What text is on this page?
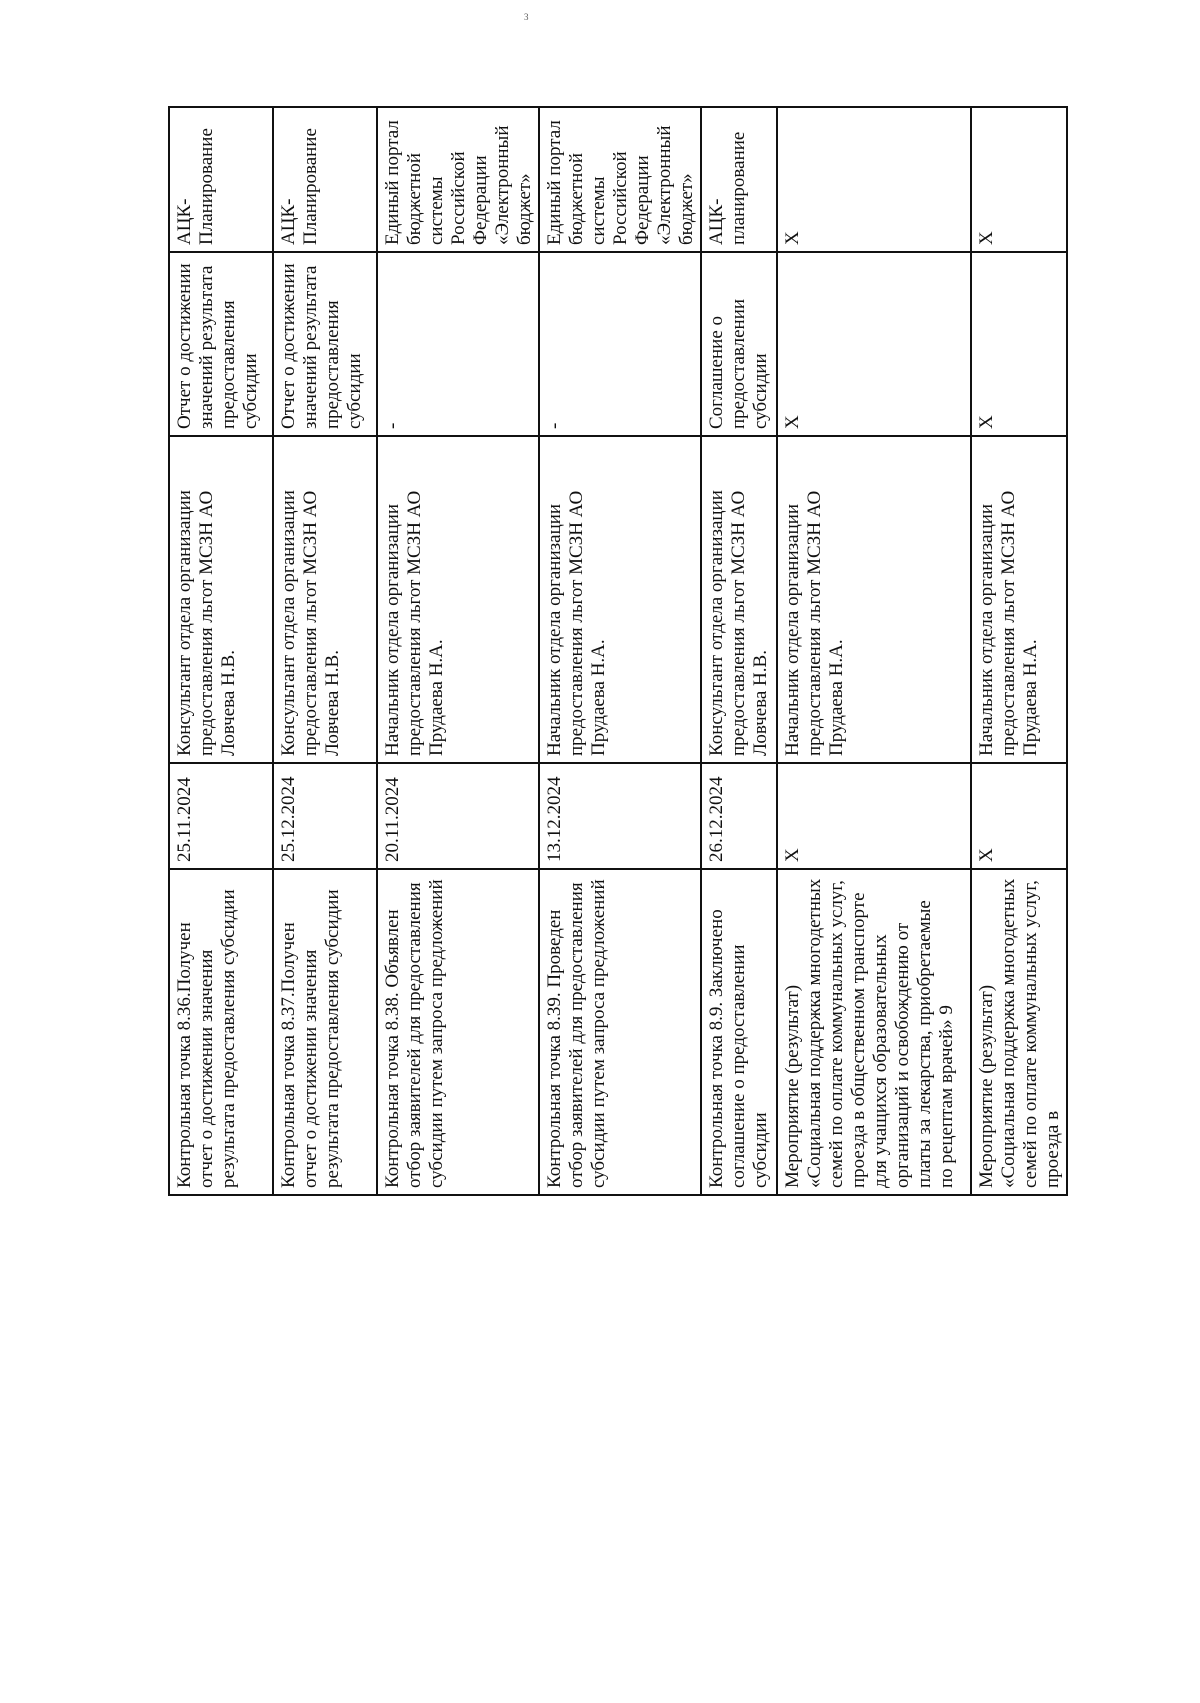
3
Контрольная точка 8.36.Получен отчет о достижении значения результата предоставления субсидии	25.11.2024	Консультант отдела организации предоставления льгот МСЗН АО Ловчева Н.В.	Отчет о достижении значений результата предоставления субсидии	АЦК-Планирование
Контрольная точка 8.37.Получен отчет о достижении значения результата предоставления субсидии	25.12.2024	Консультант отдела организации предоставления льгот МСЗН АО Ловчева Н.В.	Отчет о достижении значений результата предоставления субсидии	АЦК-Планирование
Контрольная точка 8.38. Объявлен отбор заявителей для предоставления субсидии путем запроса предложений	20.11.2024	Начальник отдела организации предоставления льгот МСЗН АО Прудаева Н.А.	-	Единый портал бюджетной системы Российской Федерации «Электронный бюджет»
Контрольная точка 8.39. Проведен отбор заявителей для предоставления субсидии путем запроса предложений	13.12.2024	Начальник отдела организации предоставления льгот МСЗН АО Прудаева Н.А.	-	Единый портал бюджетной системы Российской Федерации «Электронный бюджет»
Контрольная точка 8.9. Заключено соглашение о предоставлении субсидии	26.12.2024	Консультант отдела организации предоставления льгот МСЗН АО Ловчева Н.В.	Соглашение о предоставлении субсидии	АЦК-планирование
Мероприятие (результат) «Социальная поддержка многодетных семей по оплате коммунальных услуг, проезда в общественном транспорте для учащихся образовательных организаций и освобождению от платы за лекарства, приобретаемые по рецептам врачей» 9	X	Начальник отдела организации предоставления льгот МСЗН АО Прудаева Н.А.	X	X
Мероприятие (результат) «Социальная поддержка многодетных семей по оплате коммунальных услуг, проезда в	X	Начальник отдела организации предоставления льгот МСЗН АО Прудаева Н.А.	X	X
